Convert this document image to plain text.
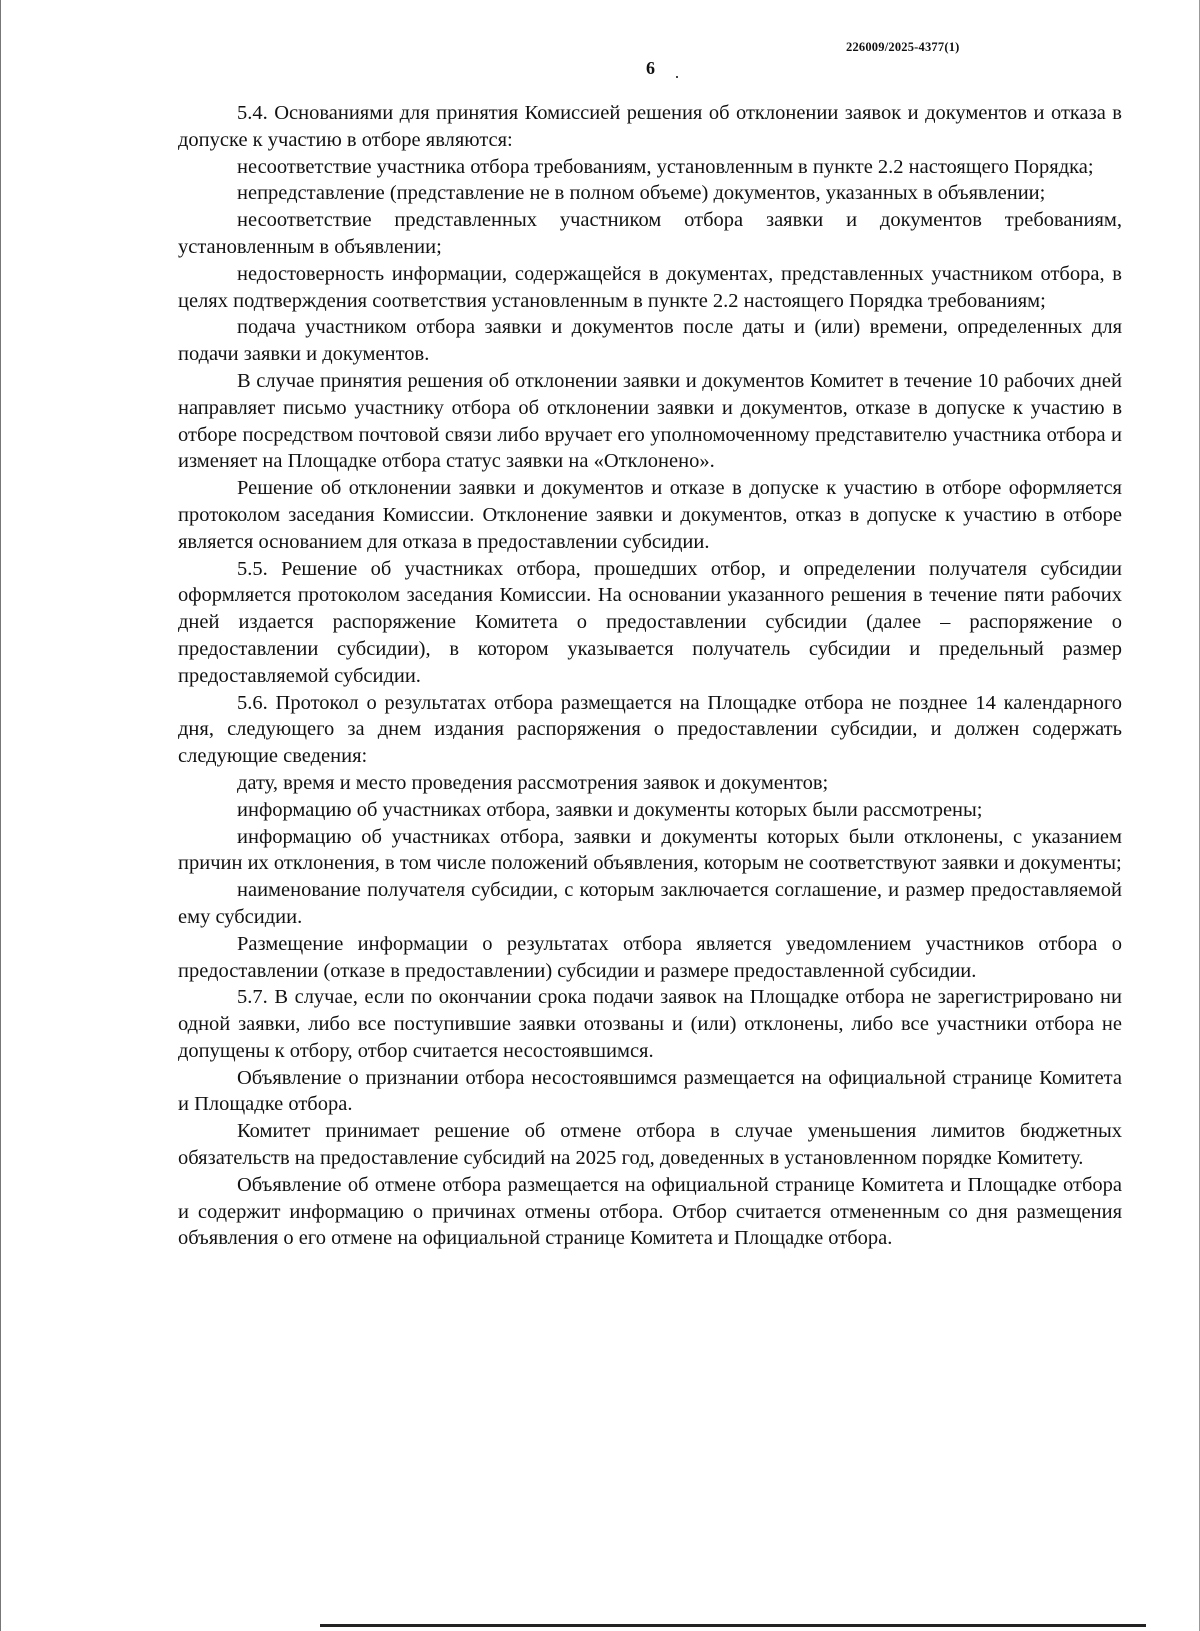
226009/2025-4377(1)
6

5.4. Основаниями для принятия Комиссией решения об отклонении заявок и документов и отказа в допуске к участию в отборе являются:

несоответствие участника отбора требованиям, установленным в пункте 2.2 настоящего Порядка;

непредставление (представление не в полном объеме) документов, указанных в объявлении;

несоответствие представленных участником отбора заявки и документов требованиям, установленным в объявлении;

недостоверность информации, содержащейся в документах, представленных участником отбора, в целях подтверждения соответствия установленным в пункте 2.2 настоящего Порядка требованиям;

подача участником отбора заявки и документов после даты и (или) времени, определенных для подачи заявки и документов.

В случае принятия решения об отклонении заявки и документов Комитет в течение 10 рабочих дней направляет письмо участнику отбора об отклонении заявки и документов, отказе в допуске к участию в отборе посредством почтовой связи либо вручает его уполномоченному представителю участника отбора и изменяет на Площадке отбора статус заявки на «Отклонено».

Решение об отклонении заявки и документов и отказе в допуске к участию в отборе оформляется протоколом заседания Комиссии. Отклонение заявки и документов, отказ в допуске к участию в отборе является основанием для отказа в предоставлении субсидии.

5.5. Решение об участниках отбора, прошедших отбор, и определении получателя субсидии оформляется протоколом заседания Комиссии. На основании указанного решения в течение пяти рабочих дней издается распоряжение Комитета о предоставлении субсидии (далее – распоряжение о предоставлении субсидии), в котором указывается получатель субсидии и предельный размер предоставляемой субсидии.

5.6. Протокол о результатах отбора размещается на Площадке отбора не позднее 14 календарного дня, следующего за днем издания распоряжения о предоставлении субсидии, и должен содержать следующие сведения:

дату, время и место проведения рассмотрения заявок и документов;

информацию об участниках отбора, заявки и документы которых были рассмотрены;

информацию об участниках отбора, заявки и документы которых были отклонены, с указанием причин их отклонения, в том числе положений объявления, которым не соответствуют заявки и документы;

наименование получателя субсидии, с которым заключается соглашение, и размер предоставляемой ему субсидии.

Размещение информации о результатах отбора является уведомлением участников отбора о предоставлении (отказе в предоставлении) субсидии и размере предоставленной субсидии.

5.7. В случае, если по окончании срока подачи заявок на Площадке отбора не зарегистрировано ни одной заявки, либо все поступившие заявки отозваны и (или) отклонены, либо все участники отбора не допущены к отбору, отбор считается несостоявшимся.

Объявление о признании отбора несостоявшимся размещается на официальной странице Комитета и Площадке отбора.

Комитет принимает решение об отмене отбора в случае уменьшения лимитов бюджетных обязательств на предоставление субсидий на 2025 год, доведенных в установленном порядке Комитету.

Объявление об отмене отбора размещается на официальной странице Комитета и Площадке отбора и содержит информацию о причинах отмены отбора. Отбор считается отмененным со дня размещения объявления о его отмене на официальной странице Комитета и Площадке отбора.
